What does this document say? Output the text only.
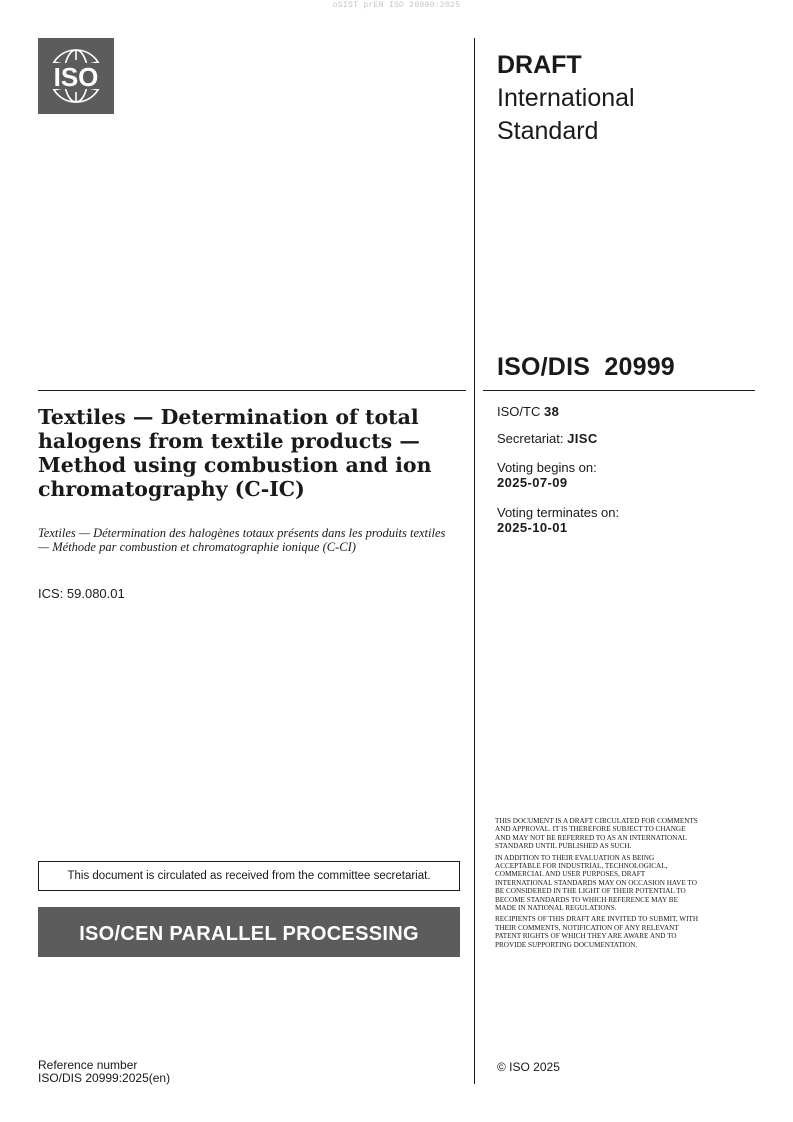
oSIST prEN ISO 20999:2025
ISO	DRAFT
International
Standard
ISO/DIS  20999
Textiles — Determination of total halogens from textile products — Method using combustion and ion chromatography (C-IC)
Textiles — Détermination des halogènes totaux présents dans les produits textiles — Méthode par combustion et chromatographie ionique (C-CI)
ICS: 59.080.01
ISO/TC 38
Secretariat: JISC
Voting begins on:
2025-07-09
Voting terminates on:
2025-10-01

THIS DOCUMENT IS A DRAFT CIRCULATED FOR COMMENTS AND APPROVAL. IT IS THEREFORE SUBJECT TO CHANGE AND MAY NOT BE REFERRED TO AS AN INTERNATIONAL STANDARD UNTIL PUBLISHED AS SUCH.

IN ADDITION TO THEIR EVALUATION AS BEING ACCEPTABLE FOR INDUSTRIAL, TECHNOLOGICAL, COMMERCIAL AND USER PURPOSES, DRAFT INTERNATIONAL STANDARDS MAY ON OCCASION HAVE TO BE CONSIDERED IN THE LIGHT OF THEIR POTENTIAL TO BECOME STANDARDS TO WHICH REFERENCE MAY BE MADE IN NATIONAL REGULATIONS.

RECIPIENTS OF THIS DRAFT ARE INVITED TO SUBMIT, WITH THEIR COMMENTS, NOTIFICATION OF ANY RELEVANT PATENT RIGHTS OF WHICH THEY ARE AWARE AND TO PROVIDE SUPPORTING DOCUMENTATION.

This document is circulated as received from the committee secretariat.
ISO/CEN PARALLEL PROCESSING
© ISO 2025
Reference number
ISO/DIS 20999:2025(en)
